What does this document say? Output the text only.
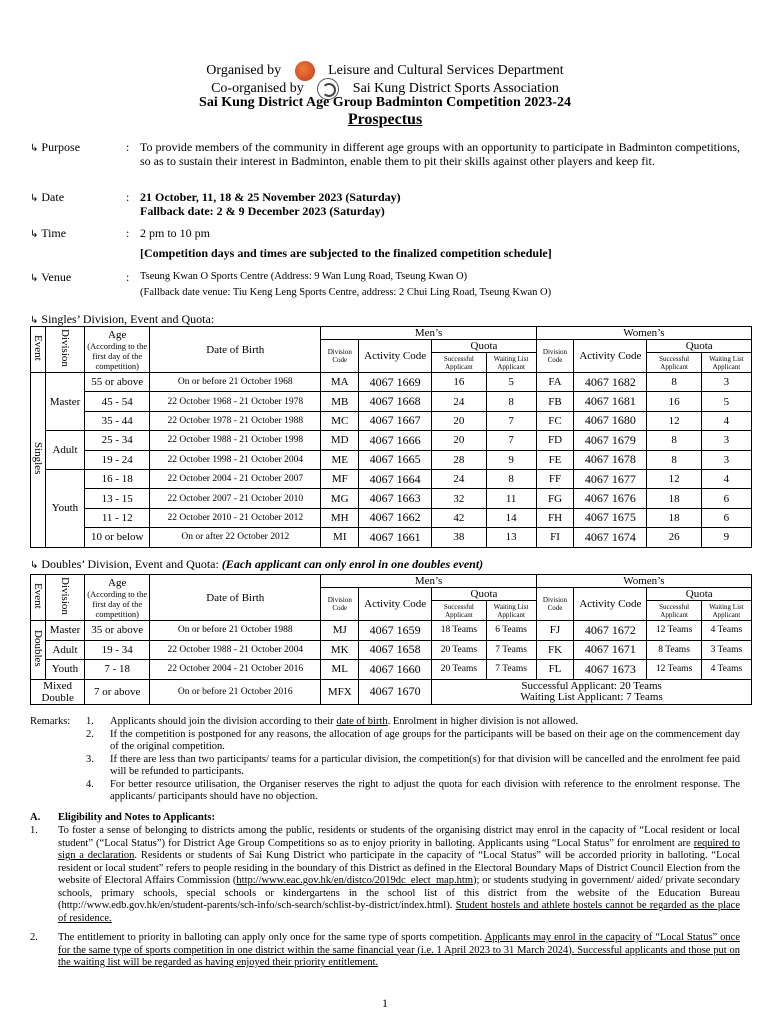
Organised by	Leisure and Cultural Services Department
Co-organised by	Sai Kung District Sports Association
Sai Kung District Age Group Badminton Competition 2023-24
Prospectus
↳ Purpose	: To provide members of the community in different age groups with an opportunity to participate in Badminton competitions, so as to sustain their interest in Badminton, enable them to pit their skills against other players and keep fit.
↳ Date	: 21 October, 11, 18 & 25 November 2023 (Saturday)
Fallback date: 2 & 9 December 2023 (Saturday)
↳ Time	: 2 pm to 10 pm
[Competition days and times are subjected to the finalized competition schedule]
↳ Venue	: Tseung Kwan O Sports Centre (Address: 9 Wan Lung Road, Tseung Kwan O)
(Fallback date venue: Tiu Keng Leng Sports Centre, address: 2 Chui Ling Road, Tseung Kwan O)
↳ Singles’ Division, Event and Quota:
Event	Division	Age
(According to the first day of the competition)	Date of Birth	Men’s				Women’s			
				Division Code	Activity Code	Quota		Division Code	Activity Code	Quota	
						Successful Applicant	Waiting List Applicant			Successful Applicant	Waiting List Applicant
Singles	Master	55 or above	On or before 21 October 1968	MA	4067 1669	16	5	FA	4067 1682	8	3
		45 - 54	22 October 1968 - 21 October 1978	MB	4067 1668	24	8	FB	4067 1681	16	5
		35 - 44	22 October 1978 - 21 October 1988	MC	4067 1667	20	7	FC	4067 1680	12	4
	Adult	25 - 34	22 October 1988 - 21 October 1998	MD	4067 1666	20	7	FD	4067 1679	8	3
		19 - 24	22 October 1998 - 21 October 2004	ME	4067 1665	28	9	FE	4067 1678	8	3
	Youth	16 - 18	22 October 2004 - 21 October 2007	MF	4067 1664	24	8	FF	4067 1677	12	4
		13 - 15	22 October 2007 - 21 October 2010	MG	4067 1663	32	11	FG	4067 1676	18	6
		11 - 12	22 October 2010 - 21 October 2012	MH	4067 1662	42	14	FH	4067 1675	18	6
		10 or below	On or after 22 October 2012	MI	4067 1661	38	13	FI	4067 1674	26	9
↳ Doubles’ Division, Event and Quota: (Each applicant can only enrol in one doubles event)
Event	Division	Age
(According to the first day of the competition)	Date of Birth	Men’s				Women’s			
				Division Code	Activity Code	Quota		Division Code	Activity Code	Quota	
						Successful Applicant	Waiting List Applicant			Successful Applicant	Waiting List Applicant
Doubles	Master	35 or above	On or before 21 October 1988	MJ	4067 1659	18 Teams	6 Teams	FJ	4067 1672	12 Teams	4 Teams
	Adult	19 - 34	22 October 1988 - 21 October 2004	MK	4067 1658	20 Teams	7 Teams	FK	4067 1671	8 Teams	3 Teams
	Youth	7 - 18	22 October 2004 - 21 October 2016	ML	4067 1660	20 Teams	7 Teams	FL	4067 1673	12 Teams	4 Teams
Mixed Double		7 or above	On or before 21 October 2016	MFX	4067 1670	Successful Applicant: 20 Teams
Waiting List Applicant: 7 Teams					
Remarks: 1. Applicants should join the division according to their date of birth. Enrolment in higher division is not allowed.
2. If the competition is postponed for any reasons, the allocation of age groups for the participants will be based on their age on the commencement day of the original competition.
3. If there are less than two participants/ teams for a particular division, the competition(s) for that division will be cancelled and the enrolment fee paid will be refunded to participants.
4. For better resource utilisation, the Organiser reserves the right to adjust the quota for each division with reference to the enrolment response. The applicants/ participants should have no objection.
A. Eligibility and Notes to Applicants:
1. To foster a sense of belonging to districts among the public, residents or students of the organising district may enrol in the capacity of “Local resident or local student” (“Local Status”) for District Age Group Competitions so as to enjoy priority in balloting. Applicants using “Local Status” for enrolment are required to sign a declaration. Residents or students of Sai Kung District who participate in the capacity of “Local Status” will be accorded priority in balloting. “Local resident or local student” refers to people residing in the boundary of this District as defined in the Electoral Boundary Maps of District Council Election from the website of Electoral Affairs Commission (http://www.eac.gov.hk/en/distco/2019dc_elect_map.htm); or students studying in government/ aided/ private secondary schools, primary schools, special schools or kindergartens in the school list of this district from the website of the Education Bureau (http://www.edb.gov.hk/en/student-parents/sch-info/sch-search/schlist-by-district/index.html). Student hostels and athlete hostels cannot be regarded as the place of residence.
2. The entitlement to priority in balloting can apply only once for the same type of sports competition. Applicants may enrol in the capacity of “Local Status” once for the same type of sports competition in one district within the same financial year (i.e. 1 April 2023 to 31 March 2024). Successful applicants and those put on the waiting list will be regarded as having enjoyed their priority entitlement.
1
